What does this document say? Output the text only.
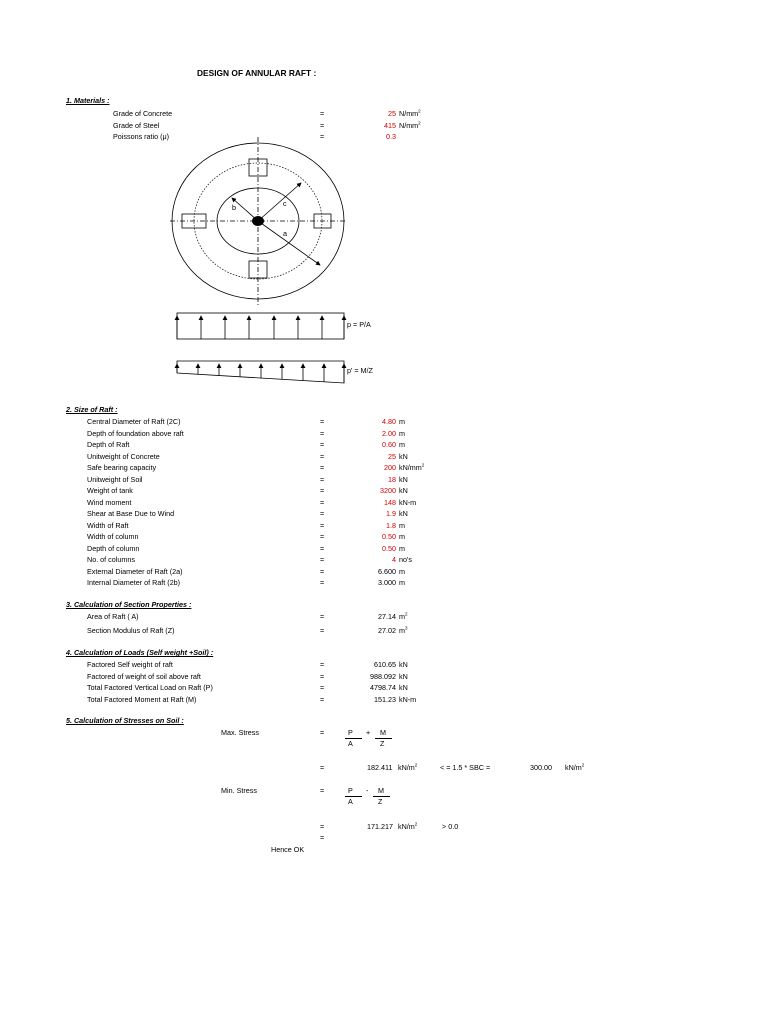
DESIGN OF ANNULAR RAFT :
1. Materials :
Grade of Concrete	=	25 $N/mm^2$
Grade of Steel	=	415 $N/mm^2$
Poissons ratio (μ)	=	0.3
b	c
a
p = P/A
p' = M/Z
2. Size of Raft :
Central Diameter of Raft (2C)	=	4.80 m
Depth of foundation above raft	=	2.00 m
Depth of Raft	=	0.60 m
Unitweight of Concrete	=	25 kN
Safe bearing capacity	=	200 $kN/mm^2$
Unitweight of Soil	=	18 kN
Weight of tank	=	3200 kN
Wind moment	=	148 kN-m
Shear at Base Due to Wind	=	1.9 kN
Width of Raft	=	1.8 m
Width of column	=	0.50 m
Depth of column	=	0.50 m
No. of columns	=	4 no's
External Diameter of Raft (2a)	=	6.600 m
Internal Diameter of Raft (2b)	=	3.000 m
3. Calculation of Section Properties :
Area of Raft ( A)	=	27.14 $m^2$
Section Modulus of Raft (Z)	=	27.02 $m^3$
4. Calculation of Loads (Self weight +Soil) :
Factored Self weight of raft	=	610.65 kN
Factored of weight of soil above raft	=	988.092 kN
Total Factored Vertical Load on Raft (P)	=	4798.74 kN
Total Factored Moment at Raft (M)	=	151.23 kN-m
5. Calculation of Stresses on Soil :
Max. Stress	=	P + M
A	Z
=	182.411 $kN/m^2$	< = 1.5 * SBC =	300.00 $kN/m^2$
Min. Stress	=	P - M
A	Z
=	171.217 $kN/m^2$	> 0.0
=
Hence OK
